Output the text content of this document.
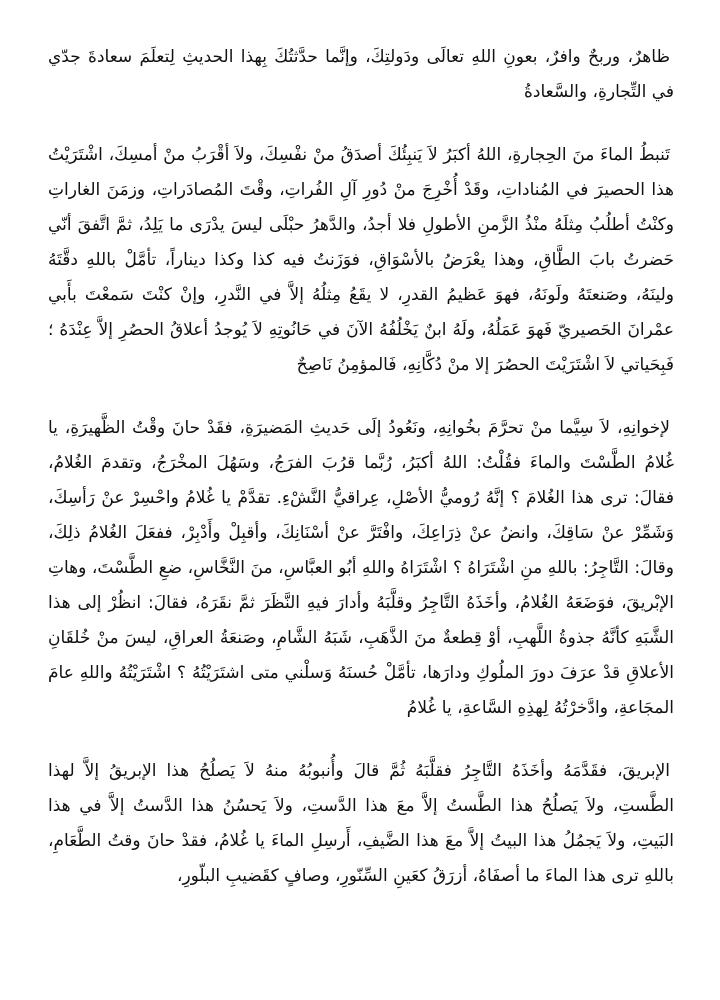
ظاهرٌ، وربحٌ وافرٌ، بعونِ اللهِ تعالَى ودَولتِكَ، وإنَّما حدَّثتُكَ بِهذا الحديثِ لِتعلَمَ سعادةَ جدّي في التِّجارةِ، والسَّعادةُ

تَنبطُ الماءَ منَ الحِجارةِ، اللهُ أكبَرُ لاَ يَنبِئُكَ أصدَقُ منْ نفْسِكَ، ولاَ أقْرَبُ منْ أمسِكَ، اشْتَرَيْتُ هذا الحصيرَ في المُناداتِ، وقَدْ أُخْرِجَ منْ دُورِ آلِ الفُراتِ، وقْتَ المُصادَراتِ، وزمَنَ الغاراتِ وكنْتُ أطلُبُ مِثلَهُ منْذُ الزَّمنِ الأطولِ فلا أجدُ، والدَّهرُ حبْلَى ليسَ يدْرَى ما يَلِدُ، ثمَّ اتَّفقَ أنّي حَضرتُ بابَ الطَّاقِ، وهذا يعْرَضُ بالأسْوَاقِ، فوَزَنتُ فيه كذا وكذا ديناراً، تأمَّلْ باللهِ دقَّتَهُ ولينَهُ، وصَنعتَهُ ولَونَهُ، فهوَ عَظيمُ القدرِ، لا يقَعُ مِثلُهُ إلاَّ في النَّدرِ، وإنْ كنْتَ سَمعْتَ بأَبي عمْرانَ الحَصيريّ فَهوَ عَمَلُهُ، ولَهُ ابنٌ يَخْلُفُهُ الآنَ في حَانُوتِهِ لاَ يُوجدُ أعلاقُ الحصُرِ إلاَّ عِنْدَهُ ؛ فَبِحَياتي لاَ اشْتَرَيْتَ الحصُرَ إلا منْ دُكَّانِهِ، فَالمؤمِنُ نَاصِحٌ

لإخوانِهِ، لاَ سِيَّما منْ تحرَّمَ بخُوانِهِ، ونَعُودُ إلَى حَديثِ المَضيرَةِ، فقَدْ حانَ وقْتُ الظَّهيرَةِ، يا غُلامُ الطَّسْتَ والماءَ فقُلْتُ: اللهُ أكبَرُ، رُبَّما قرُبَ الفرَجُ، وسَهُلَ المخْرَجُ، وتقدمَ الغُلامُ، فقالَ: ترى هذا الغُلامَ ؟ إنَّهُ رُوميُّ الأصْلِ، عِراقيُّ النَّشْءِ. تقدَّمْ يا غُلامُ واحْسِرْ عنْ رَأسِكَ، وَشَمِّرْ عنْ سَاقِكَ، وانضُ عنْ ذِرَاعِكَ، وافْتَرَّ عنْ أسْنَانِكَ، وأقبِلْ وأَدْبِرْ، ففعَلَ الغُلامُ ذلِكَ، وقالَ: التَّاجِرُ: باللهِ منِ اشْتَرَاهُ ؟ اشْتَرَاهُ واللهِ أبُو العبَّاسِ، منَ النَّخَّاسِ، ضعِ الطَّسْتَ، وهاتِ الإبْريقَ، فوَضَعَهُ الغُلامُ، وأخَذَهُ التَّاجِرُ وقلَّبَهُ وأدارَ فيهِ النَّظَرَ ثمَّ نقَرَهُ، فقالَ: انظُرْ إلى هذا الشَّبَهِ كأنَّهُ جذوةُ اللَّهبِ، أوْ قِطعةٌ منَ الذَّهَبِ، شَبَهُ الشَّامِ، وصَنعَةُ العراقِ، ليسَ منْ خُلقَانِ الأعلاقِ قدْ عرَفَ دورَ الملُوكِ ودارَها، تأمَّلْ حُسنَهُ وَسلْني متى اشتَرَيْتُهُ ؟ اشْتَرَيْتُهُ واللهِ عامَ المجَاعةِ، وادَّخرْتُهُ لِهذِهِ السَّاعةِ، يا غُلامُ

الإبريقَ، فقَدَّمَهُ وأخَذَهُ التَّاجِرُ فقلَّبَهُ ثُمَّ قالَ وأُنبوبُهُ منهُ لاَ يَصلُحُ هذا الإبريقُ إلاَّ لهذا الطَّستِ، ولاَ يَصلُحُ هذا الطَّستُ إلاَّ معَ هذا الدَّستِ، ولاَ يَحسُنُ هذا الدَّستُ إلاَّ في هذا البَيتِ، ولاَ يَجمُلُ هذا البيتُ إلاَّ معَ هذا الضَّيفِ، أَرسِلِ الماءَ يا غُلامُ، فقدْ حانَ وقتُ الطَّعَامِ، باللهِ ترى هذا الماءَ ما أصفَاهُ، أزرَقُ كعَينِ السِّنّورِ، وصافٍ كقَضيبِ البلّورِ،
